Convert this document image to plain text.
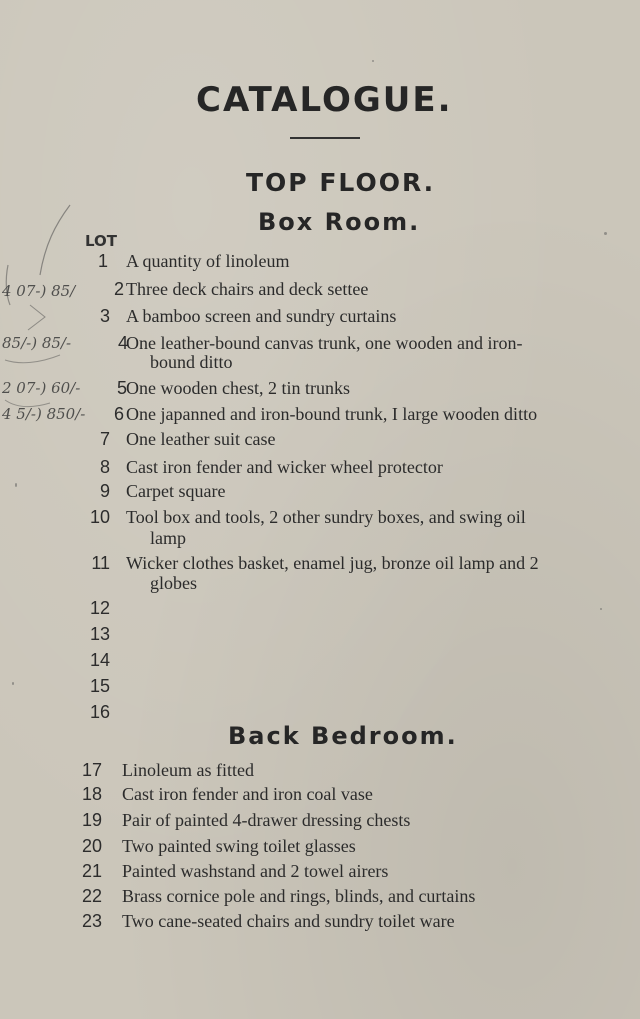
CATALOGUE.
TOP FLOOR.
Box Room.
LOT
1 A quantity of linoleum
2 Three deck chairs and deck settee
3 A bamboo screen and sundry curtains
4
One leather-bound canvas trunk, one wooden and iron-
bound ditto
5 One wooden chest, 2 tin trunks
6 One japanned and iron-bound trunk, I large wooden ditto
7 One leather suit case
8 Cast iron fender and wicker wheel protector
9 Carpet square
10 Tool box and tools, 2 other sundry boxes, and swing oil
lamp
11 Wicker clothes basket, enamel jug, bronze oil lamp and 2
globes
12
13
14
15
16
4 07-) 85/
85/-) 85/-
2 07-) 60/-
4 5/-) 850/-
Back Bedroom.
17 Linoleum as fitted
18 Cast iron fender and iron coal vase
19 Pair of painted 4-drawer dressing chests
20 Two painted swing toilet glasses
21 Painted washstand and 2 towel airers
22 Brass cornice pole and rings, blinds, and curtains
23 Two cane-seated chairs and sundry toilet ware
